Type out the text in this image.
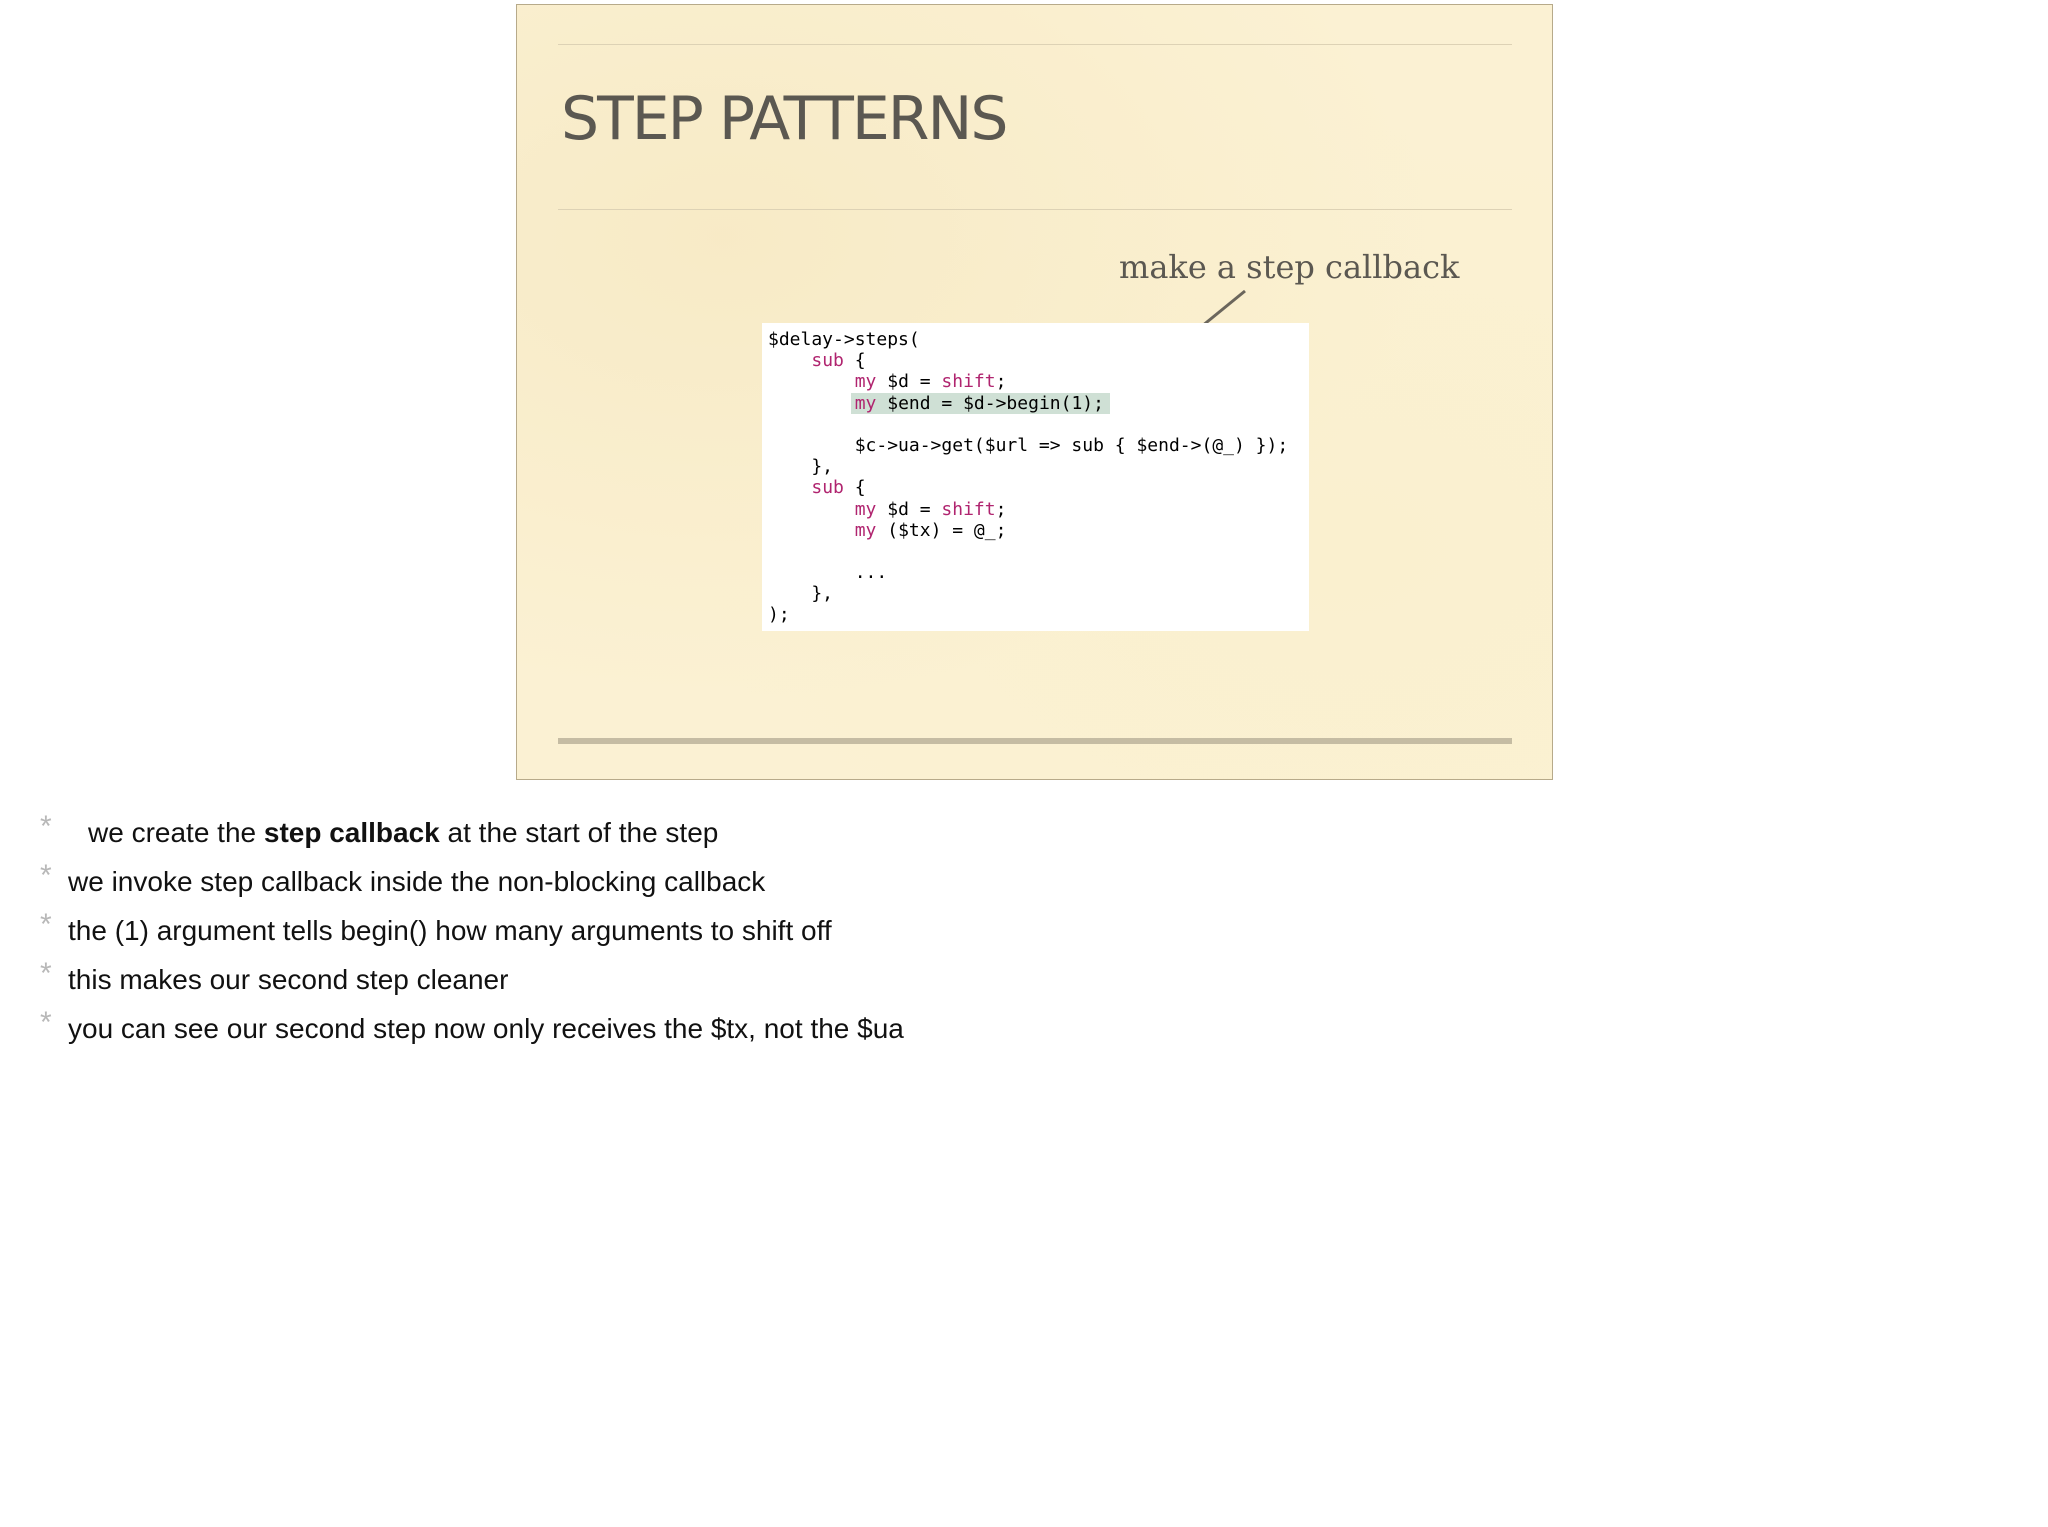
STEP PATTERNS
make a step callback
$delay->steps(
sub {
my $d = shift;
my $end = $d->begin(1);
$c->ua->get($url => sub { $end->(@_) });
},
sub {
my $d = shift;
my ($tx) = @_;
...
},
);
* we create the step callback at the start of the step
* we invoke step callback inside the non-blocking callback
* the (1) argument tells begin() how many arguments to shift off
* this makes our second step cleaner
* you can see our second step now only receives the $tx, not the $ua
